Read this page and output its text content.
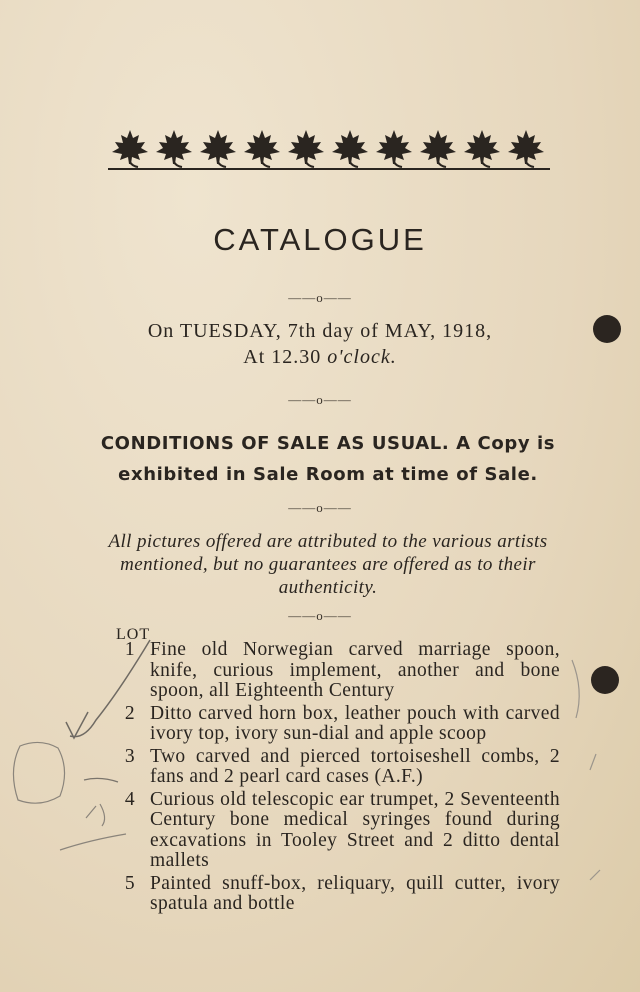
CATALOGUE
——o——
On TUESDAY, 7th day of MAY, 1918,
At 12.30 o'clock.
——o——
CONDITIONS OF SALE AS USUAL. A Copy is exhibited in Sale Room at time of Sale.
——o——
All pictures offered are attributed to the various artists mentioned, but no guarantees are offered as to their authenticity.
——o——
LOT
1 Fine old Norwegian carved marriage spoon, knife, curious implement, another and bone spoon, all Eighteenth Century
2 Ditto carved horn box, leather pouch with carved ivory top, ivory sun-dial and apple scoop
3 Two carved and pierced tortoiseshell combs, 2 fans and 2 pearl card cases (A.F.)
4 Curious old telescopic ear trumpet, 2 Seventeenth Century bone medical syringes found during excavations in Tooley Street and 2 ditto dental mallets
5 Painted snuff-box, reliquary, quill cutter, ivory spatula and bottle
